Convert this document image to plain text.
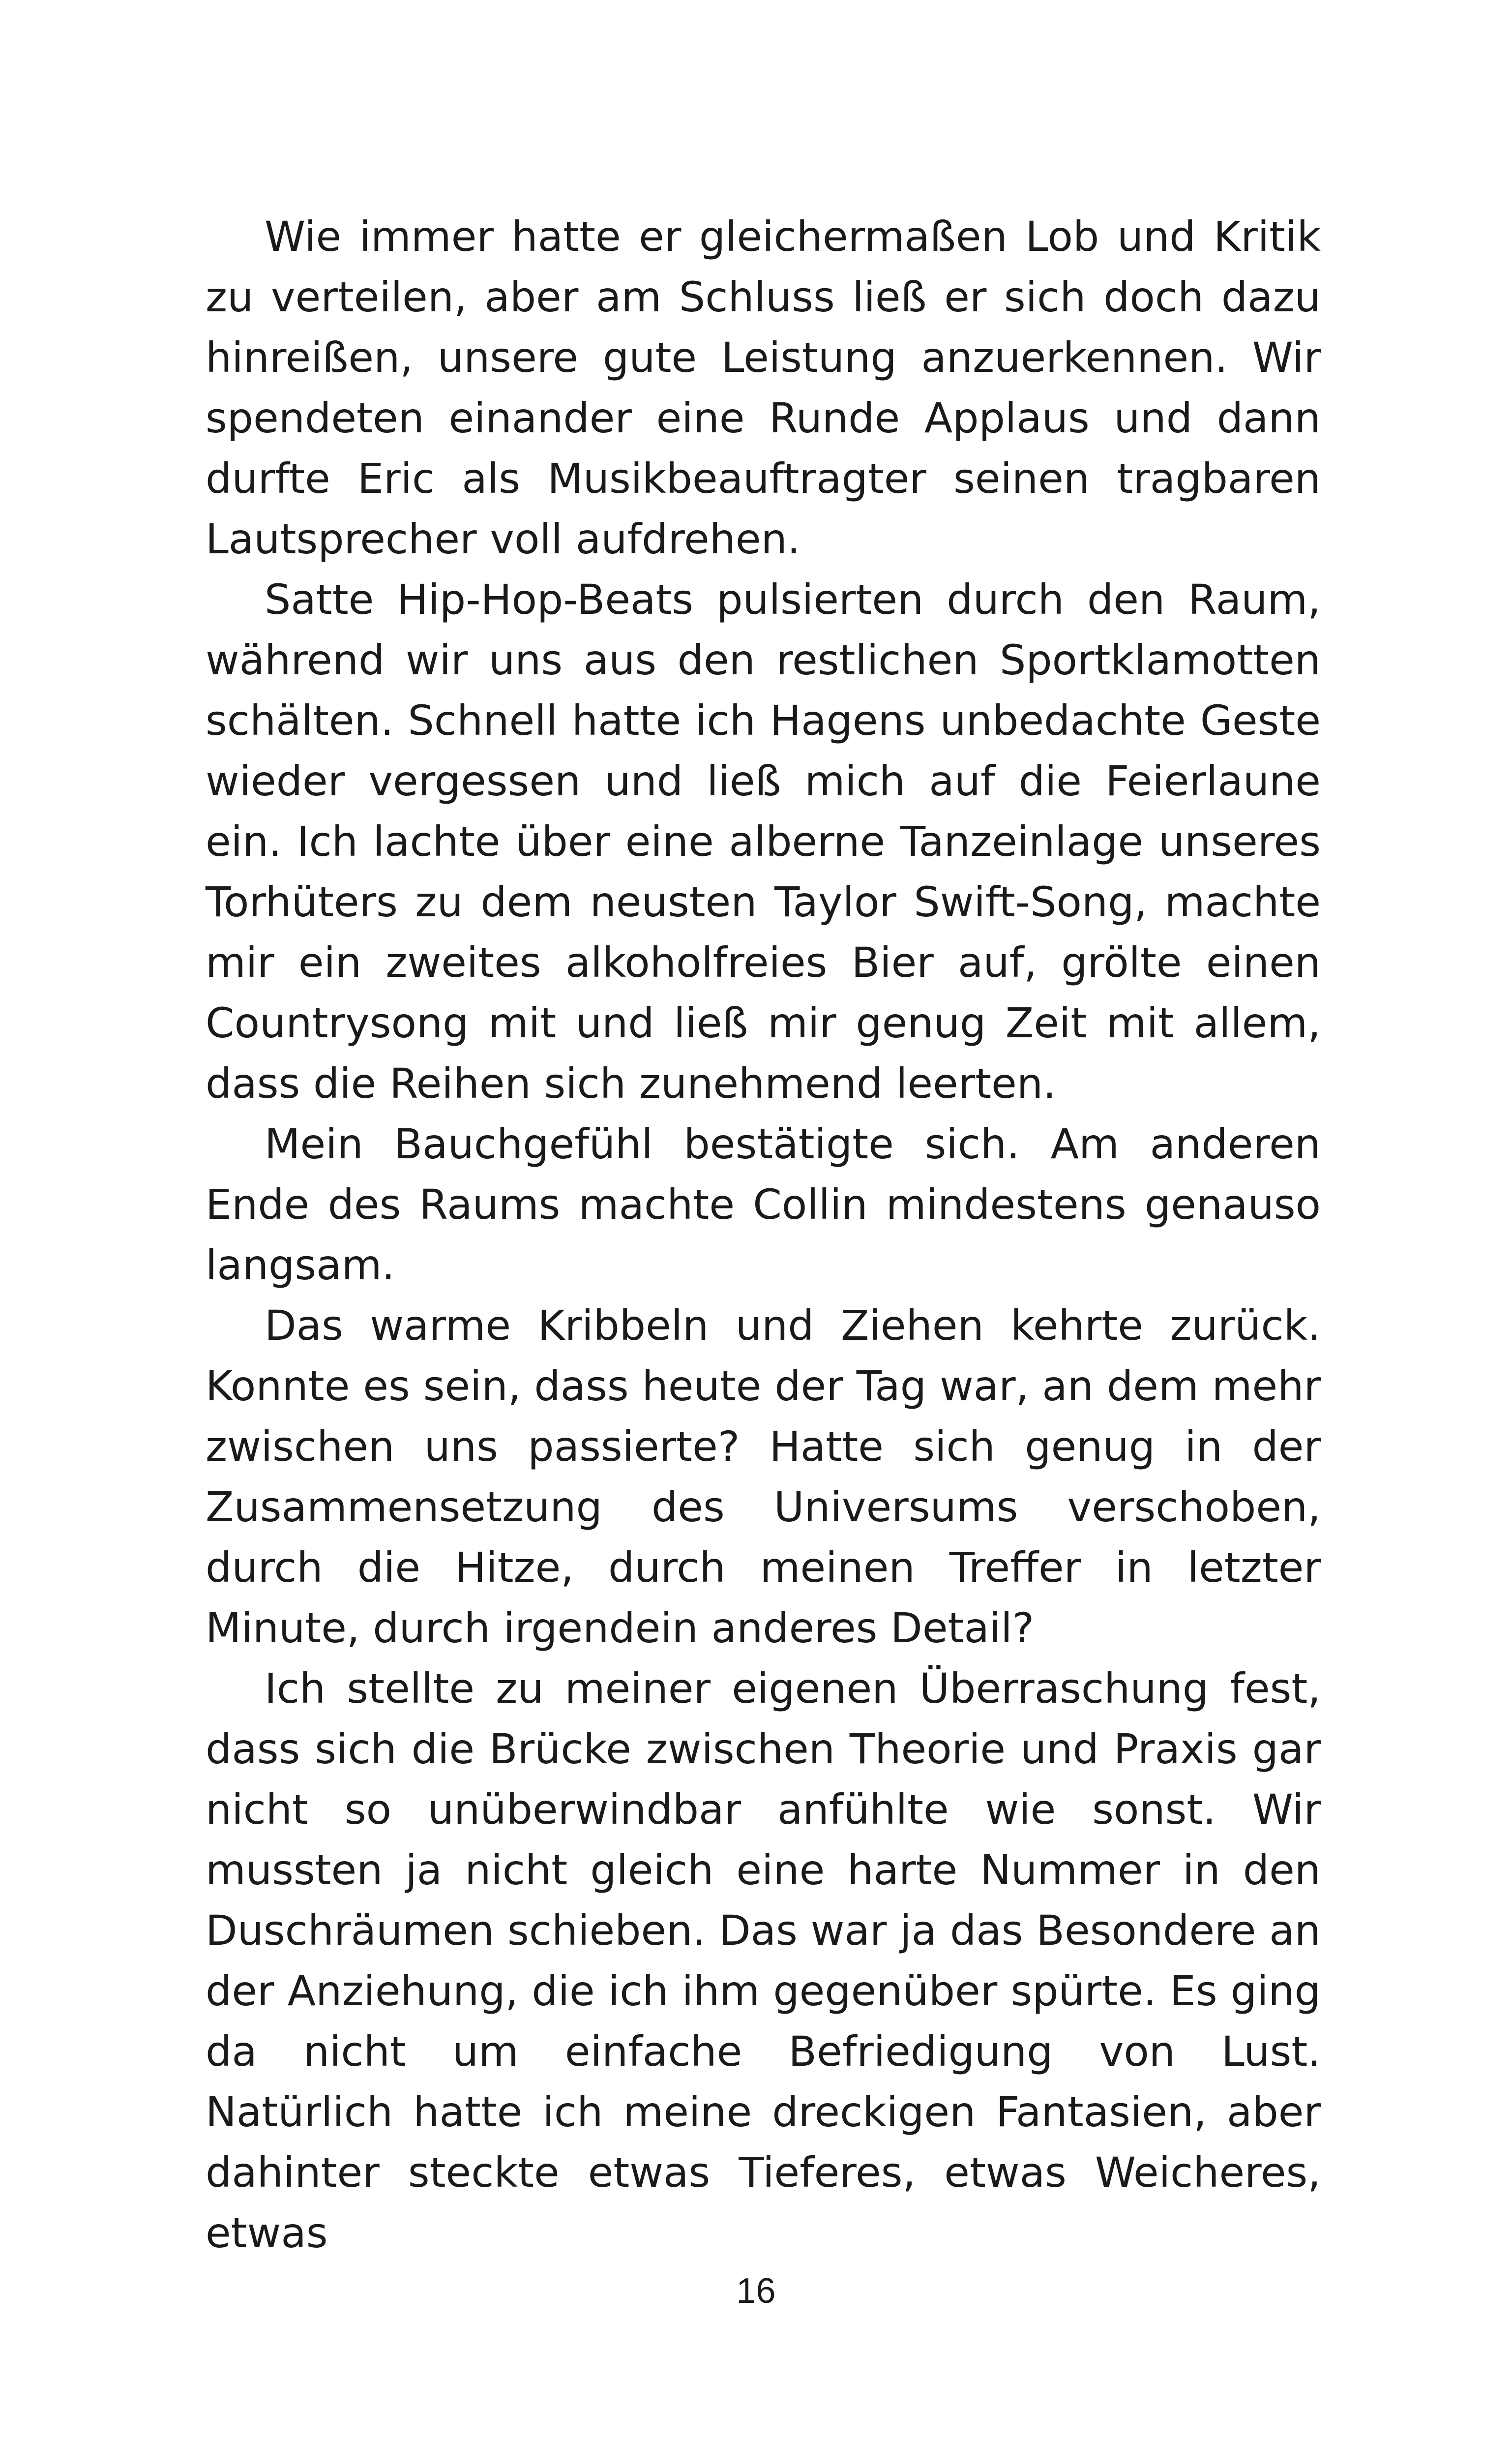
Wie immer hatte er gleichermaßen Lob und Kritik zu verteilen, aber am Schluss ließ er sich doch dazu hinreißen, unsere gute Leistung anzuerkennen. Wir spendeten einander eine Runde Applaus und dann durfte Eric als Musikbeauftragter seinen tragbaren Lautsprecher voll aufdrehen.

Satte Hip-Hop-Beats pulsierten durch den Raum, während wir uns aus den restlichen Sportklamotten schälten. Schnell hatte ich Hagens unbedachte Geste wieder vergessen und ließ mich auf die Feierlaune ein. Ich lachte über eine alberne Tanzeinlage unseres Torhüters zu dem neusten Taylor Swift-Song, machte mir ein zweites alkoholfreies Bier auf, grölte einen Countrysong mit und ließ mir genug Zeit mit allem, dass die Reihen sich zunehmend leerten.

Mein Bauchgefühl bestätigte sich. Am anderen Ende des Raums machte Collin mindestens genauso langsam.

Das warme Kribbeln und Ziehen kehrte zurück. Konnte es sein, dass heute der Tag war, an dem mehr zwischen uns passierte? Hatte sich genug in der Zusammensetzung des Universums verschoben, durch die Hitze, durch meinen Treffer in letzter Minute, durch irgendein anderes Detail?

Ich stellte zu meiner eigenen Überraschung fest, dass sich die Brücke zwischen Theorie und Praxis gar nicht so unüberwindbar anfühlte wie sonst. Wir mussten ja nicht gleich eine harte Nummer in den Duschräumen schieben. Das war ja das Besondere an der Anziehung, die ich ihm gegenüber spürte. Es ging da nicht um einfache Befriedigung von Lust. Natürlich hatte ich meine dreckigen Fantasien, aber dahinter steckte etwas Tieferes, etwas Weicheres, etwas

16
